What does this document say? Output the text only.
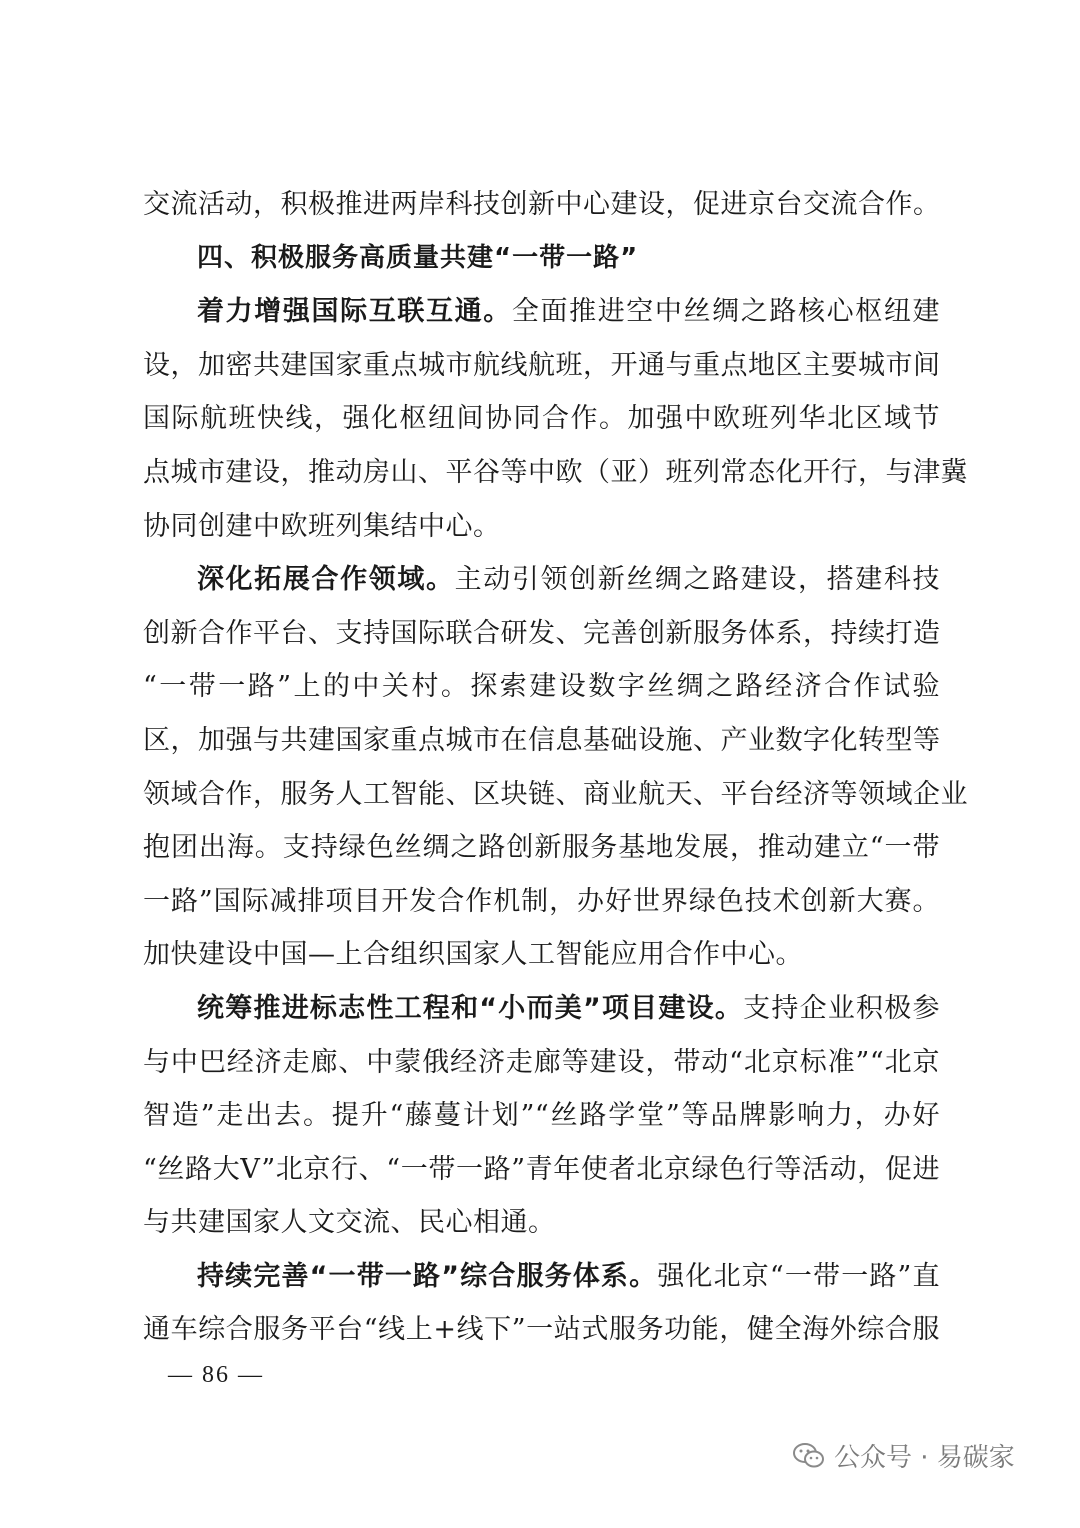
交流活动，积极推进两岸科技创新中心建设，促进京台交流合作。
四、积极服务高质量共建“一带一路”
着力增强国际互联互通。全面推进空中丝绸之路核心枢纽建
设，加密共建国家重点城市航线航班，开通与重点地区主要城市间
国际航班快线，强化枢纽间协同合作。加强中欧班列华北区域节
点城市建设，推动房山、平谷等中欧（亚）班列常态化开行，与津冀
协同创建中欧班列集结中心。
深化拓展合作领域。主动引领创新丝绸之路建设，搭建科技
创新合作平台、支持国际联合研发、完善创新服务体系，持续打造
“一带一路”上的中关村。探索建设数字丝绸之路经济合作试验
区，加强与共建国家重点城市在信息基础设施、产业数字化转型等
领域合作，服务人工智能、区块链、商业航天、平台经济等领域企业
抱团出海。支持绿色丝绸之路创新服务基地发展，推动建立“一带
一路”国际减排项目开发合作机制，办好世界绿色技术创新大赛。
加快建设中国—上合组织国家人工智能应用合作中心。
统筹推进标志性工程和“小而美”项目建设。支持企业积极参
与中巴经济走廊、中蒙俄经济走廊等建设，带动“北京标准”“北京
智造”走出去。提升“藤蔓计划”“丝路学堂”等品牌影响力，办好
“丝路大V”北京行、“一带一路”青年使者北京绿色行等活动，促进
与共建国家人文交流、民心相通。
持续完善“一带一路”综合服务体系。强化北京“一带一路”直
通车综合服务平台“线上+线下”一站式服务功能，健全海外综合服
— 86 —
公众号 · 易碳家
